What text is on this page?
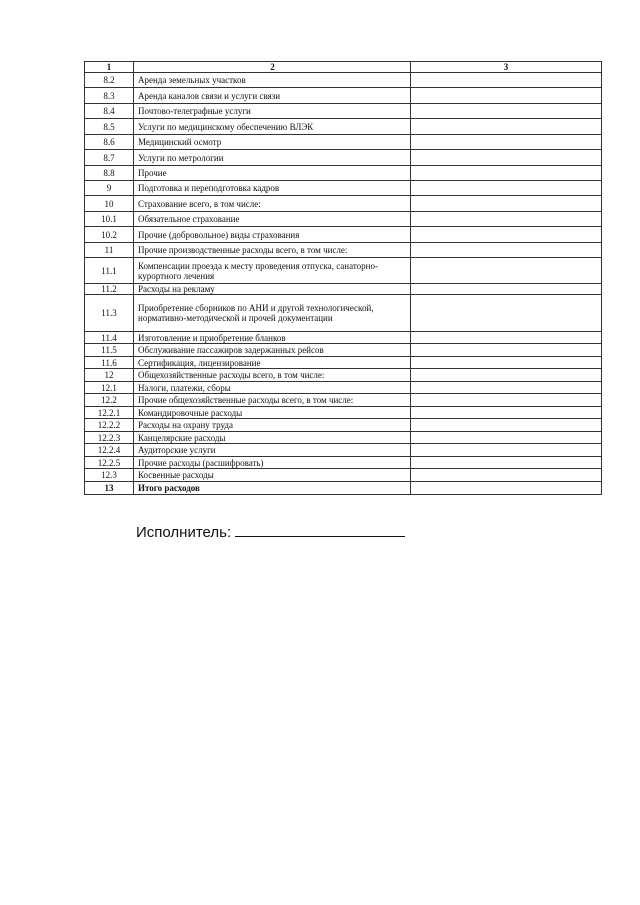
1	2	3
8.2	Аренда земельных участков	
8.3	Аренда каналов связи и услуги связи	
8.4	Почтово-телеграфные услуги	
8.5	Услуги по медицинскому обеспечению ВЛЭК	
8.6	Медицинский осмотр	
8.7	Услуги по метрологии	
8.8	Прочие	
9	Подготовка и переподготовка кадров	
10	Страхование всего, в том числе:	
10.1	Обязательное страхование	
10.2	Прочие (добровольное) виды страхования	
11	Прочие производственные расходы всего, в том числе:	
11.1	Компенсации проезда к месту проведения отпуска, санаторно-курортного лечения	
11.2	Расходы на рекламу	
11.3	Приобретение сборников по АНИ и другой технологической, нормативно-методической и прочей документации	
11.4	Изготовление и приобретение бланков	
11.5	Обслуживание пассажиров задержанных рейсов	
11.6	Сертификация, лицензирование	
12	Общехозяйственные расходы всего, в том числе:	
12.1	Налоги, платежи, сборы	
12.2	Прочие общехозяйственные расходы всего, в том числе:	
12.2.1	Командировочные расходы	
12.2.2	Расходы на охрану труда	
12.2.3	Канцелярские расходы	
12.2.4	Аудиторские услуги	
12.2.5	Прочие расходы (расшифровать)	
12.3	Косвенные расходы	
13	Итого расходов	
Исполнитель:
